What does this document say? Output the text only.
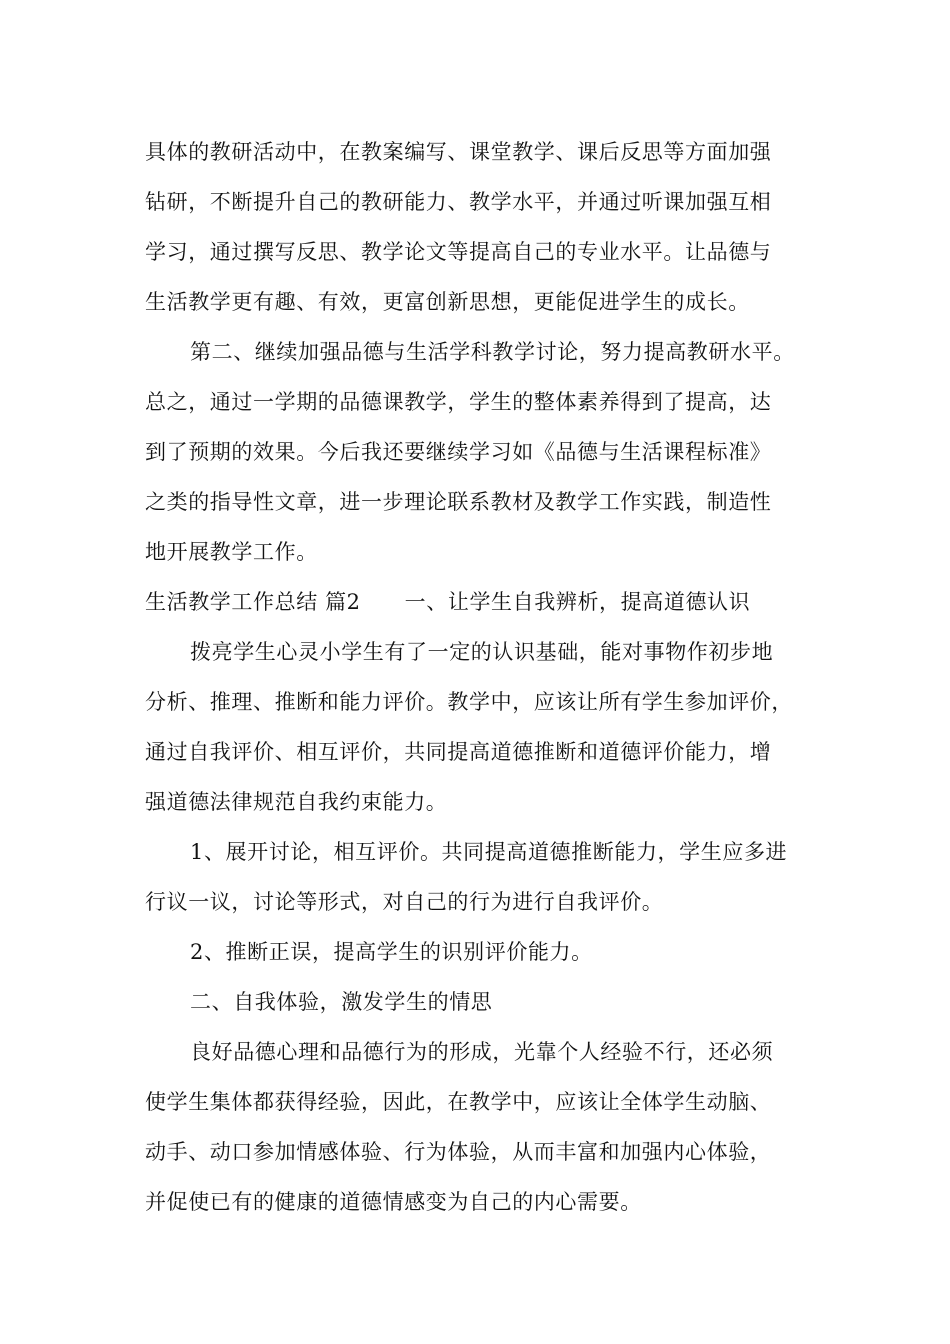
具体的教研活动中，在教案编写、课堂教学、课后反思等方面加强
钻研，不断提升自己的教研能力、教学水平，并通过听课加强互相
学习，通过撰写反思、教学论文等提高自己的专业水平。让品德与
生活教学更有趣、有效，更富创新思想，更能促进学生的成长。
第二、继续加强品德与生活学科教学讨论，努力提高教研水平。
总之，通过一学期的品德课教学，学生的整体素养得到了提高，达
到了预期的效果。今后我还要继续学习如《品德与生活课程标准》
之类的指导性文章，进一步理论联系教材及教学工作实践，制造性
地开展教学工作。
生活教学工作总结 篇2 一、让学生自我辨析，提高道德认识
拨亮学生心灵小学生有了一定的认识基础，能对事物作初步地
分析、推理、推断和能力评价。教学中，应该让所有学生参加评价，
通过自我评价、相互评价，共同提高道德推断和道德评价能力，增
强道德法律规范自我约束能力。
1、展开讨论，相互评价。共同提高道德推断能力，学生应多进
行议一议，讨论等形式，对自己的行为进行自我评价。
2、推断正误，提高学生的识别评价能力。
二、自我体验，激发学生的情思
良好品德心理和品德行为的形成，光靠个人经验不行，还必须
使学生集体都获得经验，因此，在教学中，应该让全体学生动脑、
动手、动口参加情感体验、行为体验，从而丰富和加强内心体验，
并促使已有的健康的道德情感变为自己的内心需要。
